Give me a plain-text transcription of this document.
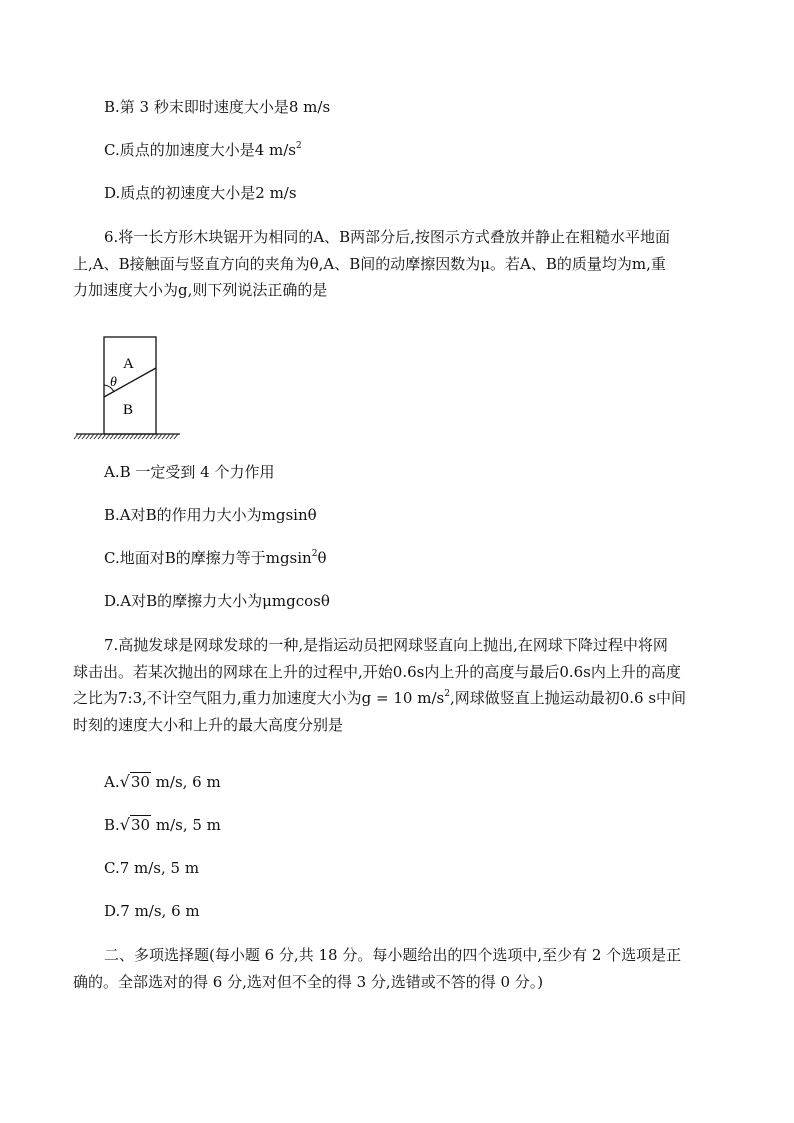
B.第 3 秒末即时速度大小是8 m/s
C.质点的加速度大小是4 $m/s^2$
D.质点的初速度大小是2 m/s
6.将一长方形木块锯开为相同的A、B两部分后,按图示方式叠放并静止在粗糙水平地面
上,A、B接触面与竖直方向的夹角为θ,A、B间的动摩擦因数为μ。若A、B的质量均为m,重
力加速度大小为g,则下列说法正确的是
A
θ
B
A.B 一定受到 4 个力作用
B.A对B的作用力大小为mgsinθ
C.地面对B的摩擦力等于mgsin$^2$θ
D.A对B的摩擦力大小为μmgcosθ
7.高抛发球是网球发球的一种,是指运动员把网球竖直向上抛出,在网球下降过程中将网
球击出。若某次抛出的网球在上升的过程中,开始0.6s内上升的高度与最后0.6s内上升的高度
之比为7:3,不计空气阻力,重力加速度大小为g = 10 $m/s^2$,网球做竖直上抛运动最初0.6 s中间
时刻的速度大小和上升的最大高度分别是
A.√30 m/s, 6 m
B.√30 m/s, 5 m
C.7 m/s, 5 m
D.7 m/s, 6 m
二、多项选择题(每小题 6 分,共 18 分。每小题给出的四个选项中,至少有 2 个选项是正
确的。全部选对的得 6 分,选对但不全的得 3 分,选错或不答的得 0 分。)
